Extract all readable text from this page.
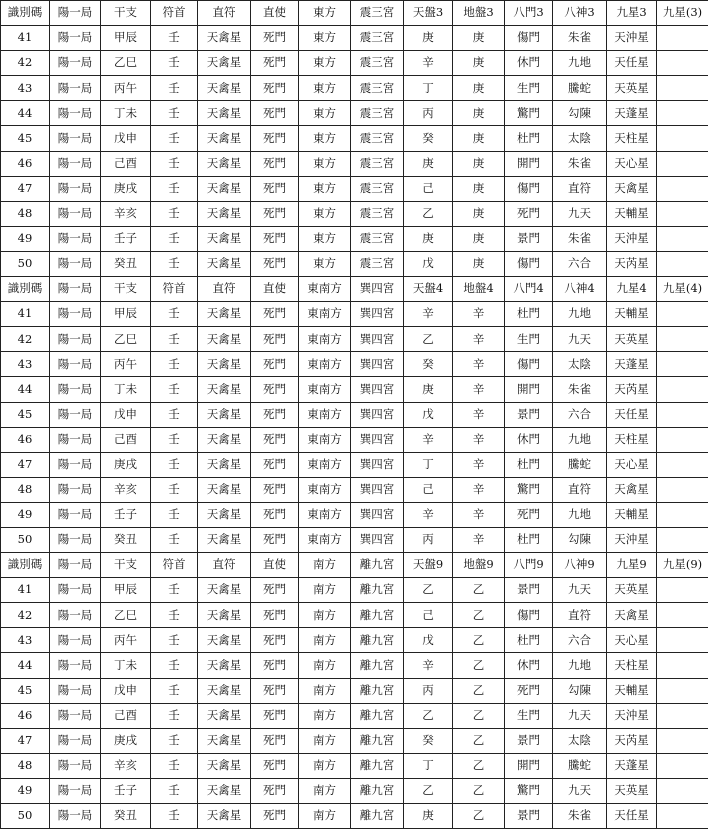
識別碼	陽一局	干支	符首	直符	直使	東方	震三宮	天盤3	地盤3	八門3	八神3	九星3	九星(3)
41	陽一局	甲辰	壬	天禽星	死門	東方	震三宮	庚	庚	傷門	朱雀	天沖星	
42	陽一局	乙巳	壬	天禽星	死門	東方	震三宮	辛	庚	休門	九地	天任星	
43	陽一局	丙午	壬	天禽星	死門	東方	震三宮	丁	庚	生門	騰蛇	天英星	
44	陽一局	丁未	壬	天禽星	死門	東方	震三宮	丙	庚	驚門	勾陳	天蓬星	
45	陽一局	戊申	壬	天禽星	死門	東方	震三宮	癸	庚	杜門	太陰	天柱星	
46	陽一局	己酉	壬	天禽星	死門	東方	震三宮	庚	庚	開門	朱雀	天心星	
47	陽一局	庚戌	壬	天禽星	死門	東方	震三宮	己	庚	傷門	直符	天禽星	
48	陽一局	辛亥	壬	天禽星	死門	東方	震三宮	乙	庚	死門	九天	天輔星	
49	陽一局	壬子	壬	天禽星	死門	東方	震三宮	庚	庚	景門	朱雀	天沖星	
50	陽一局	癸丑	壬	天禽星	死門	東方	震三宮	戊	庚	傷門	六合	天芮星	
識別碼	陽一局	干支	符首	直符	直使	東南方	巽四宮	天盤4	地盤4	八門4	八神4	九星4	九星(4)
41	陽一局	甲辰	壬	天禽星	死門	東南方	巽四宮	辛	辛	杜門	九地	天輔星	
42	陽一局	乙巳	壬	天禽星	死門	東南方	巽四宮	乙	辛	生門	九天	天英星	
43	陽一局	丙午	壬	天禽星	死門	東南方	巽四宮	癸	辛	傷門	太陰	天蓬星	
44	陽一局	丁未	壬	天禽星	死門	東南方	巽四宮	庚	辛	開門	朱雀	天芮星	
45	陽一局	戊申	壬	天禽星	死門	東南方	巽四宮	戊	辛	景門	六合	天任星	
46	陽一局	己酉	壬	天禽星	死門	東南方	巽四宮	辛	辛	休門	九地	天柱星	
47	陽一局	庚戌	壬	天禽星	死門	東南方	巽四宮	丁	辛	杜門	騰蛇	天心星	
48	陽一局	辛亥	壬	天禽星	死門	東南方	巽四宮	己	辛	驚門	直符	天禽星	
49	陽一局	壬子	壬	天禽星	死門	東南方	巽四宮	辛	辛	死門	九地	天輔星	
50	陽一局	癸丑	壬	天禽星	死門	東南方	巽四宮	丙	辛	杜門	勾陳	天沖星	
識別碼	陽一局	干支	符首	直符	直使	南方	離九宮	天盤9	地盤9	八門9	八神9	九星9	九星(9)
41	陽一局	甲辰	壬	天禽星	死門	南方	離九宮	乙	乙	景門	九天	天英星	
42	陽一局	乙巳	壬	天禽星	死門	南方	離九宮	己	乙	傷門	直符	天禽星	
43	陽一局	丙午	壬	天禽星	死門	南方	離九宮	戊	乙	杜門	六合	天心星	
44	陽一局	丁未	壬	天禽星	死門	南方	離九宮	辛	乙	休門	九地	天柱星	
45	陽一局	戊申	壬	天禽星	死門	南方	離九宮	丙	乙	死門	勾陳	天輔星	
46	陽一局	己酉	壬	天禽星	死門	南方	離九宮	乙	乙	生門	九天	天沖星	
47	陽一局	庚戌	壬	天禽星	死門	南方	離九宮	癸	乙	景門	太陰	天芮星	
48	陽一局	辛亥	壬	天禽星	死門	南方	離九宮	丁	乙	開門	騰蛇	天蓬星	
49	陽一局	壬子	壬	天禽星	死門	南方	離九宮	乙	乙	驚門	九天	天英星	
50	陽一局	癸丑	壬	天禽星	死門	南方	離九宮	庚	乙	景門	朱雀	天任星	
